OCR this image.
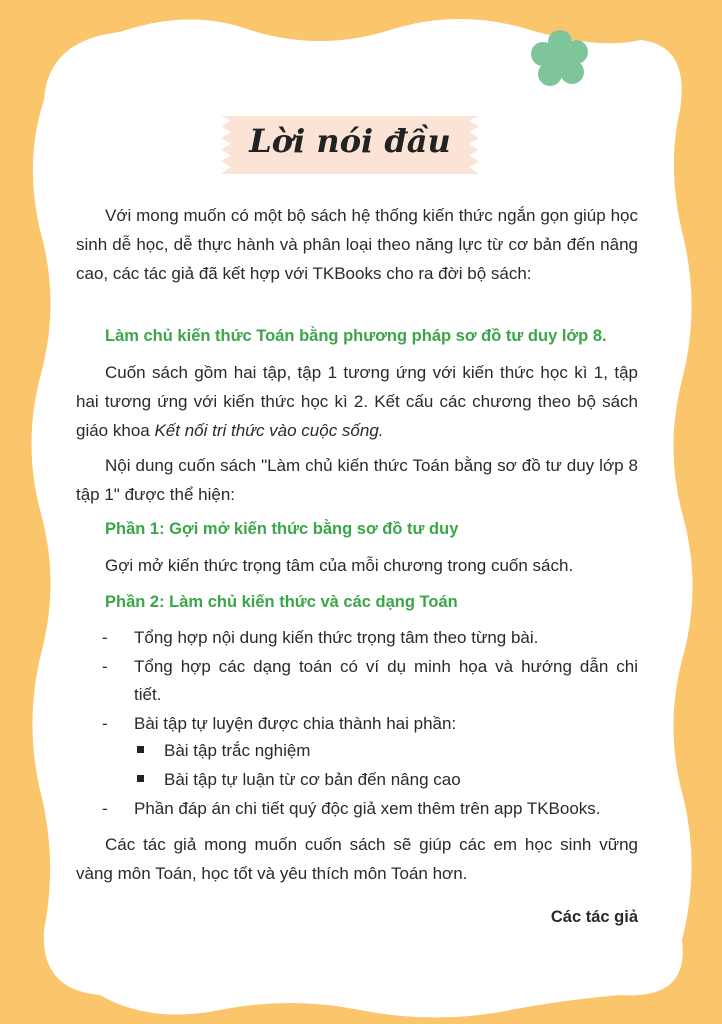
Lời nói đầu

Với mong muốn có một bộ sách hệ thống kiến thức ngắn gọn giúp học sinh dễ học, dễ thực hành và phân loại theo năng lực từ cơ bản đến nâng cao, các tác giả đã kết hợp với TKBooks cho ra đời bộ sách:

Làm chủ kiến thức Toán bằng phương pháp sơ đồ tư duy lớp 8.

Cuốn sách gồm hai tập, tập 1 tương ứng với kiến thức học kì 1, tập hai tương ứng với kiến thức học kì 2. Kết cấu các chương theo bộ sách giáo khoa Kết nối tri thức vào cuộc sống.

Nội dung cuốn sách "Làm chủ kiến thức Toán bằng sơ đồ tư duy lớp 8 tập 1" được thể hiện:

Phần 1: Gợi mở kiến thức bằng sơ đồ tư duy

Gợi mở kiến thức trọng tâm của mỗi chương trong cuốn sách.

Phần 2: Làm chủ kiến thức và các dạng Toán

- Tổng hợp nội dung kiến thức trọng tâm theo từng bài.
- Tổng hợp các dạng toán có ví dụ minh họa và hướng dẫn chi tiết.
- Bài tập tự luyện được chia thành hai phần:
Bài tập trắc nghiệm
Bài tập tự luận từ cơ bản đến nâng cao
- Phần đáp án chi tiết quý độc giả xem thêm trên app TKBooks.

Các tác giả mong muốn cuốn sách sẽ giúp các em học sinh vững vàng môn Toán, học tốt và yêu thích môn Toán hơn.

Các tác giả
